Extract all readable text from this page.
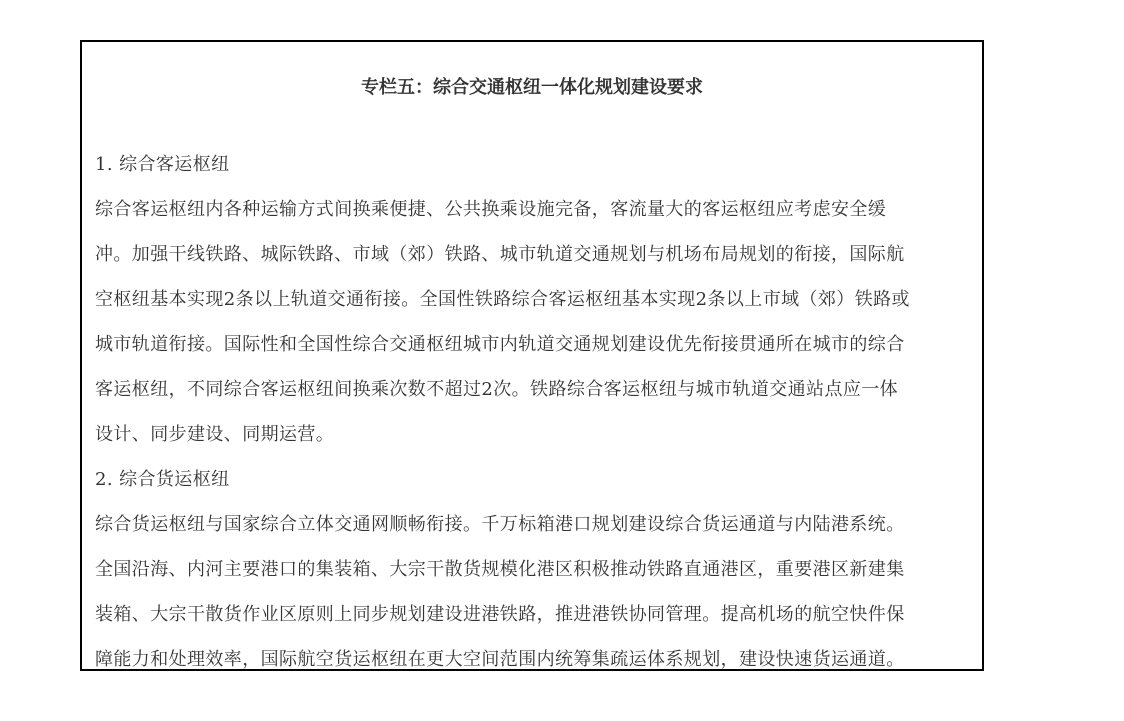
专栏五：综合交通枢纽一体化规划建设要求

1. 综合客运枢纽

综合客运枢纽内各种运输方式间换乘便捷、公共换乘设施完备，客流量大的客运枢纽应考虑安全缓
冲。加强干线铁路、城际铁路、市域（郊）铁路、城市轨道交通规划与机场布局规划的衔接，国际航
空枢纽基本实现2条以上轨道交通衔接。全国性铁路综合客运枢纽基本实现2条以上市域（郊）铁路或
城市轨道衔接。国际性和全国性综合交通枢纽城市内轨道交通规划建设优先衔接贯通所在城市的综合
客运枢纽，不同综合客运枢纽间换乘次数不超过2次。铁路综合客运枢纽与城市轨道交通站点应一体
设计、同步建设、同期运营。

2. 综合货运枢纽

综合货运枢纽与国家综合立体交通网顺畅衔接。千万标箱港口规划建设综合货运通道与内陆港系统。
全国沿海、内河主要港口的集装箱、大宗干散货规模化港区积极推动铁路直通港区，重要港区新建集
装箱、大宗干散货作业区原则上同步规划建设进港铁路，推进港铁协同管理。提高机场的航空快件保
障能力和处理效率，国际航空货运枢纽在更大空间范围内统筹集疏运体系规划，建设快速货运通道。
